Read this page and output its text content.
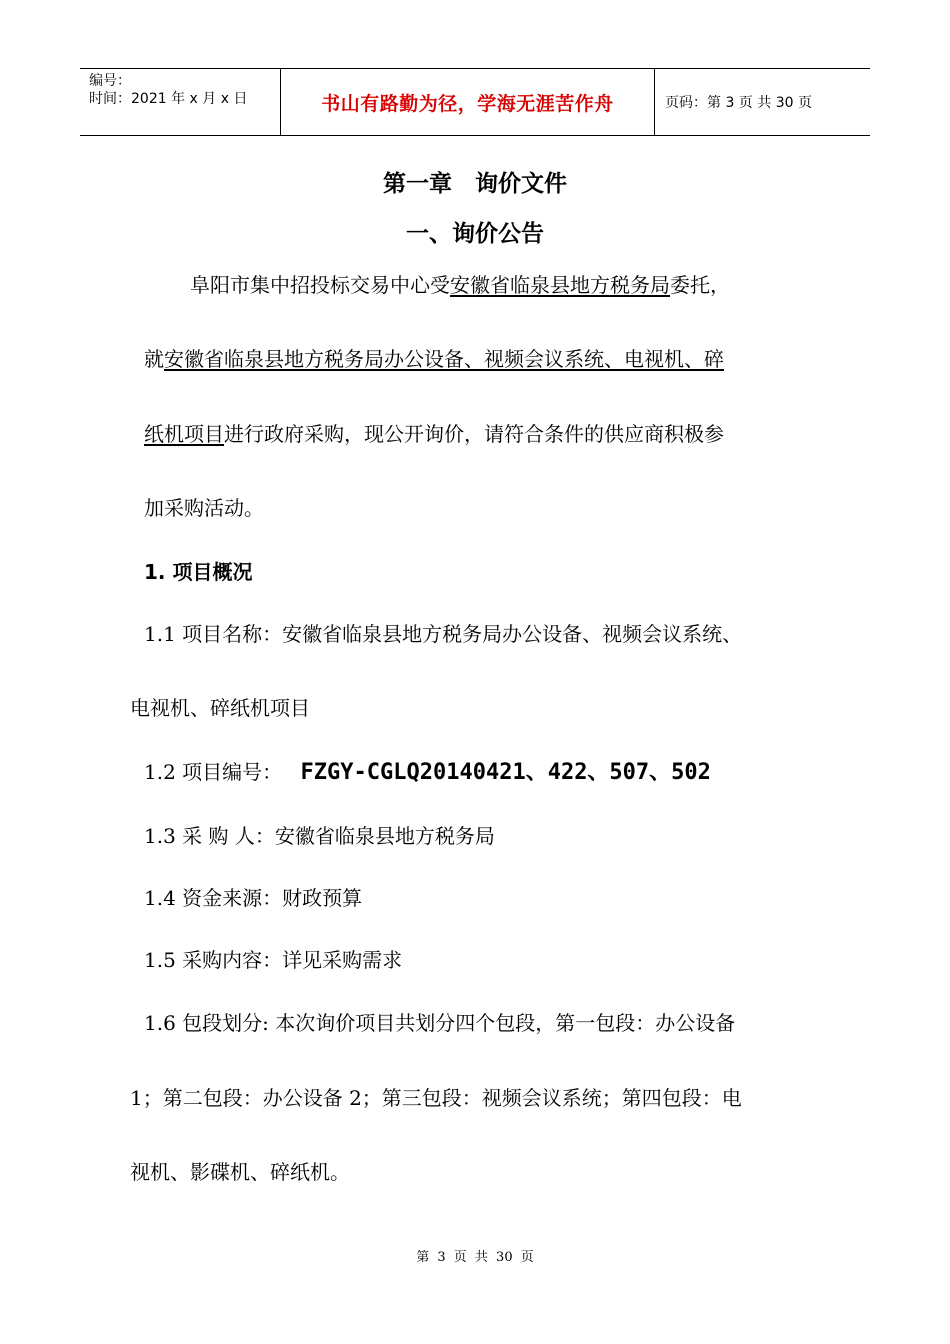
编号：
时间：2021 年 x 月 x 日	书山有路勤为径，学海无涯苦作舟	页码：第 3 页 共 30 页
第一章　询价文件
一、询价公告
阜阳市集中招投标交易中心受安徽省临泉县地方税务局委托，
就安徽省临泉县地方税务局办公设备、视频会议系统、电视机、碎
纸机项目进行政府采购，现公开询价，请符合条件的供应商积极参
加采购活动。
1. 项目概况
1.1 项目名称：安徽省临泉县地方税务局办公设备、视频会议系统、
电视机、碎纸机项目
1.2 项目编号： FZGY-CGLQ20140421、422、507、502
1.3 采 购 人：安徽省临泉县地方税务局
1.4 资金来源：财政预算
1.5 采购内容：详见采购需求
1.6 包段划分: 本次询价项目共划分四个包段，第一包段：办公设备
1；第二包段：办公设备 2；第三包段：视频会议系统；第四包段：电
视机、影碟机、碎纸机。
第 3 页 共 30 页
